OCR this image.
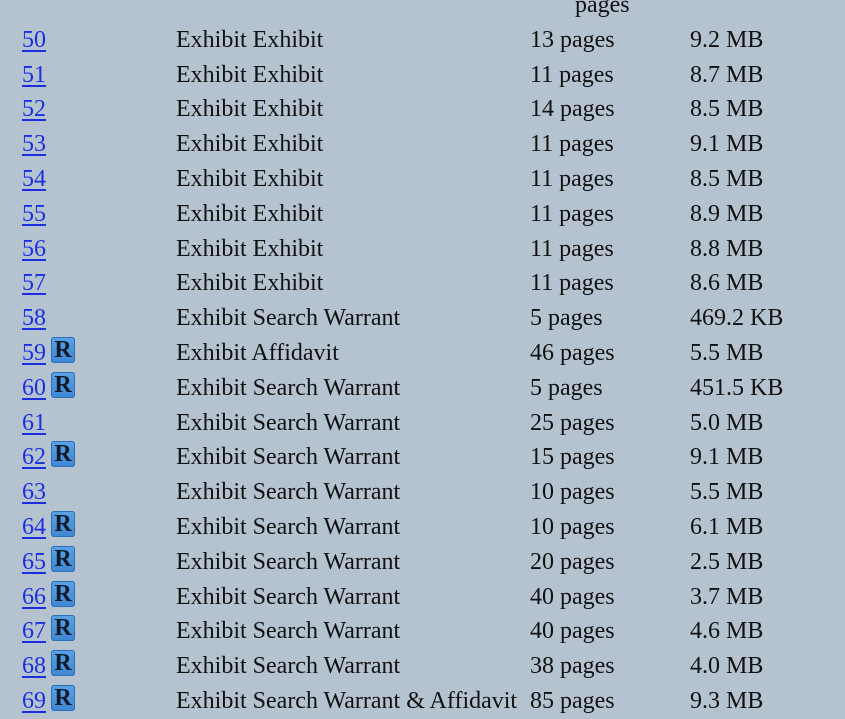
pages
50	Exhibit Exhibit	13 pages	9.2 MB
51	Exhibit Exhibit	11 pages	8.7 MB
52	Exhibit Exhibit	14 pages	8.5 MB
53	Exhibit Exhibit	11 pages	9.1 MB
54	Exhibit Exhibit	11 pages	8.5 MB
55	Exhibit Exhibit	11 pages	8.9 MB
56	Exhibit Exhibit	11 pages	8.8 MB
57	Exhibit Exhibit	11 pages	8.6 MB
58	Exhibit Search Warrant	5 pages	469.2 KB
59 R	Exhibit Affidavit	46 pages	5.5 MB
60 R	Exhibit Search Warrant	5 pages	451.5 KB
61	Exhibit Search Warrant	25 pages	5.0 MB
62 R	Exhibit Search Warrant	15 pages	9.1 MB
63	Exhibit Search Warrant	10 pages	5.5 MB
64 R	Exhibit Search Warrant	10 pages	6.1 MB
65 R	Exhibit Search Warrant	20 pages	2.5 MB
66 R	Exhibit Search Warrant	40 pages	3.7 MB
67 R	Exhibit Search Warrant	40 pages	4.6 MB
68 R	Exhibit Search Warrant	38 pages	4.0 MB
69 R	Exhibit Search Warrant & Affidavit 85 pages	9.3 MB
